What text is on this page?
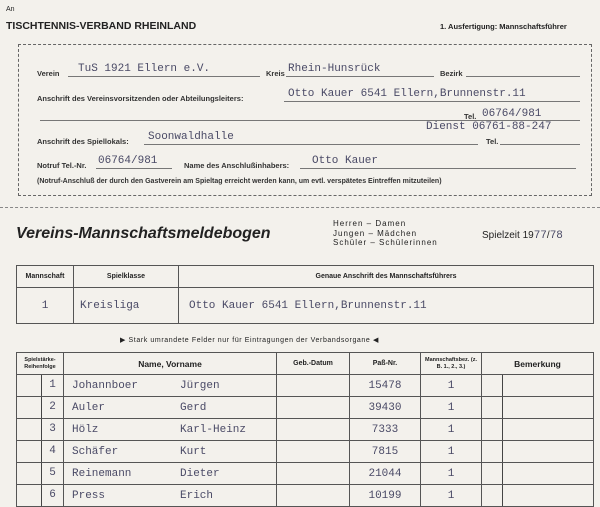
An
TISCHTENNIS-VERBAND RHEINLAND	1. Ausfertigung: Mannschaftsführer
Verein TuS 1921 Ellern e.V.	Kreis Rhein-Hunsrück	Bezirk
Anschrift des Vereinsvorsitzenden oder Abteilungsleiters:	Otto Kauer 6541 Ellern,Brunnenstr.11
Tel. 06764/981
Dienst 06761-88-247
Anschrift des Spiellokals: Soonwaldhalle	Tel.
Notruf Tel.-Nr. 06764/981	Name des Anschlußinhabers: Otto Kauer
(Notruf-Anschluß der durch den Gastverein am Spieltag erreicht werden kann, um evtl. verspätetes Eintreffen mitzuteilen)
Vereins-Mannschaftsmeldebogen
Herren – Damen
Jungen – Mädchen
Schüler – Schülerinnen
Spielzeit 1977/78
Mannschaft	Spielklasse	Genaue Anschrift des Mannschaftsführers
1	Kreisliga	Otto Kauer 6541 Ellern,Brunnenstr.11
▶ Stark umrandete Felder nur für Eintragungen der Verbandsorgane ◀
Spielstärke-Reihenfolge	Name, Vorname	Geb.-Datum	Paß-Nr.	Mannschaftsbez. (z. B. 1., 2., 3.)	Bemerkung

1	Johannboer Jürgen		15478	1	

2	Auler Gerd		39430	1	

3	Hölz Karl-Heinz		7333	1	

4	Schäfer Kurt		7815	1	

5	Reinemann Dieter		21044	1	

6	Press Erich		10199	1	
